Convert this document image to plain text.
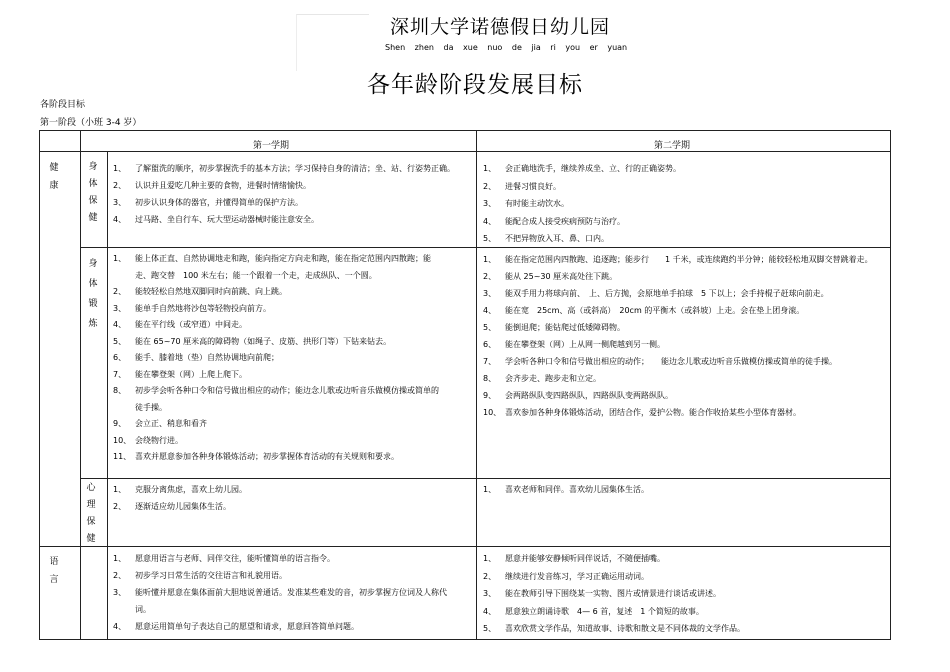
深圳大学诺德假日幼儿园
Shen zhen da xue nuo de jia ri you er yuan
各年龄阶段发展目标
各阶段目标
第一阶段（小班 3-4 岁）
第一学期	第二学期
健康
语言
身体保健
身体锻炼
心理保健
1、 了解盥洗的顺序，初步掌握洗手的基本方法；学习保持自身的清洁；坐、站、行姿势正确。
2、 认识并且爱吃几种主要的食物，进餐时情绪愉快。
3、 初步认识身体的器官，并懂得简单的保护方法。
4、 过马路、坐自行车、玩大型运动器械时能注意安全。
1、 会正确地洗手，继续养成坐、立、行的正确姿势。
2、 进餐习惯良好。
3、 有时能主动饮水。
4、 能配合成人接受疾病预防与治疗。
5、 不把异物放入耳、鼻、口内。
1、 能上体正直、自然协调地走和跑，能向指定方向走和跑，能在指定范围内四散跑；能走、跑交替　100 米左右；能一个跟着一个走，走成纵队、一个圆。
2、 能较轻松自然地双脚同时向前跳、向上跳。
3、 能单手自然地将沙包等轻物投向前方。
4、 能在平行线（或窄道）中间走。
5、 能在 65~70 厘米高的障碍物（如绳子、皮筋、拱形门等）下钻来钻去。
6、 能手、膝着地（垫）自然协调地向前爬；
7、 能在攀登架（网）上爬上爬下。
8、 初步学会听各种口令和信号做出相应的动作；能边念儿歌或边听音乐做模仿操或简单的徒手操。
9、 会立正、稍息和看齐
10、 会绕物行进。
11、 喜欢并愿意参加各种身体锻炼活动；初步掌握体育活动的有关规则和要求。
1、 能在指定范围内四散跑、追逐跑；能步行　　1 千米，或连续跑约半分钟；能较轻松地双脚交替跳着走。
2、 能从 25~30 厘米高处往下跳。
3、 能双手用力将球向前、　上、后方抛，会原地单手拍球　5 下以上；会手持棍子赶球向前走。
4、 能在宽　25cm、高（或斜高）　20cm 的平衡木（或斜坡）上走。会在垫上团身滚。
5、 能倒退爬；能钻爬过低矮障碍物。
6、 能在攀登架（网）上从网一侧爬越到另一侧。
7、 学会听各种口令和信号做出相应的动作；　　能边念儿歌或边听音乐做模仿操或简单的徒手操。
8、 会齐步走、跑步走和立定。
9、 会两路纵队变四路纵队，四路纵队变两路纵队。
10、 喜欢参加各种身体锻炼活动，团结合作，爱护公物。能合作收拾某些小型体育器材。
1、 克服分离焦虑，喜欢上幼儿园。
2、 逐渐适应幼儿园集体生活。
1、 喜欢老师和同伴。喜欢幼儿园集体生活。
1、 愿意用语言与老师、同伴交往，能听懂简单的语言指令。
2、 初步学习日常生活的交往语言和礼貌用语。
3、 能听懂并愿意在集体面前大胆地说普通话。发准某些难发的音，初步掌握方位词及人称代词。
4、 愿意运用简单句子表达自己的愿望和请求，愿意回答简单问题。
1、 愿意并能够安静倾听同伴说话，不随便插嘴。
2、 继续进行发音练习，学习正确运用动词。
3、 能在教师引导下围绕某一实物、图片或情景进行谈话或讲述。
4、 愿意独立朗诵诗歌　4— 6 首，复述　1 个简短的故事。
5、 喜欢欣赏文学作品，知道故事、诗歌和散文是不同体裁的文学作品。
